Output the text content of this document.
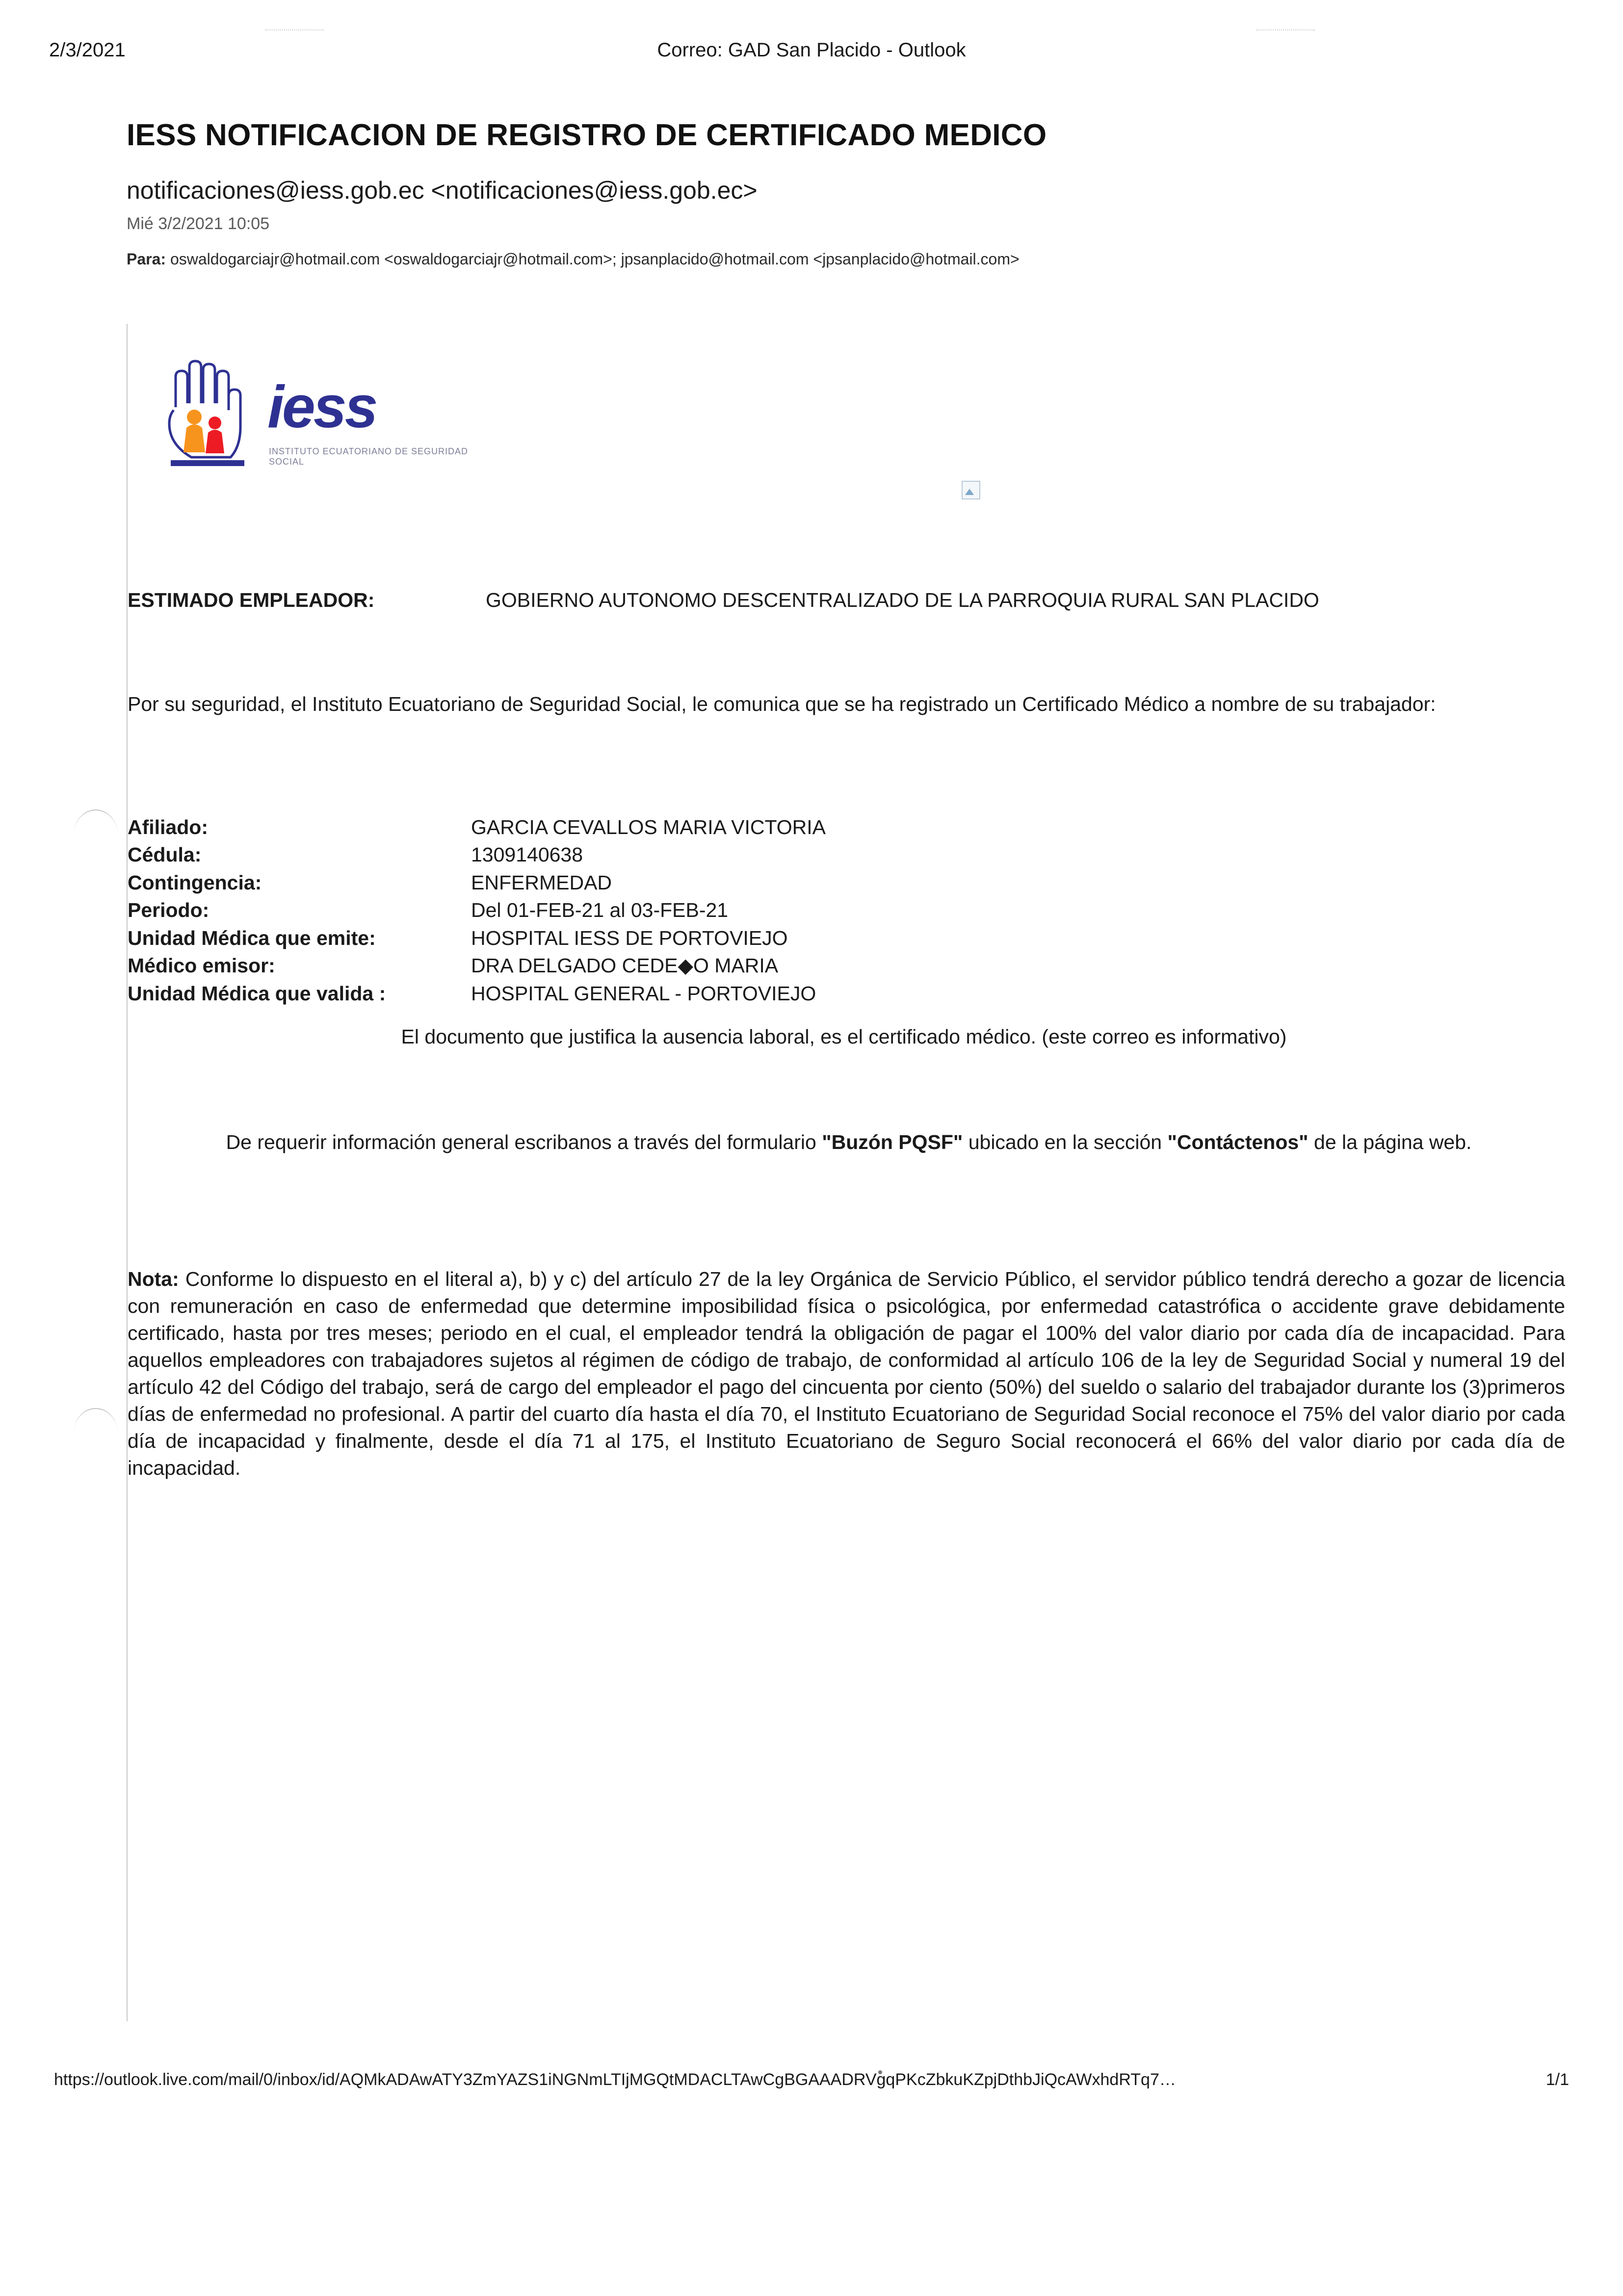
2/3/2021	Correo: GAD San Placido - Outlook
IESS NOTIFICACION DE REGISTRO DE CERTIFICADO MEDICO
notificaciones@iess.gob.ec <notificaciones@iess.gob.ec>
Mié 3/2/2021 10:05
Para: oswaldogarciajr@hotmail.com <oswaldogarciajr@hotmail.com>; jpsanplacido@hotmail.com <jpsanplacido@hotmail.com>
iess
INSTITUTO ECUATORIANO DE SEGURIDAD SOCIAL
ESTIMADO EMPLEADOR:	GOBIERNO AUTONOMO DESCENTRALIZADO DE LA PARROQUIA RURAL SAN PLACIDO
Por su seguridad, el Instituto Ecuatoriano de Seguridad Social, le comunica que se ha registrado un Certificado Médico a nombre de su trabajador:
Afiliado:	GARCIA CEVALLOS MARIA VICTORIA
Cédula:	1309140638
Contingencia:	ENFERMEDAD
Periodo:	Del 01-FEB-21 al 03-FEB-21
Unidad Médica que emite:	HOSPITAL IESS DE PORTOVIEJO
Médico emisor:	DRA DELGADO CEDE◆O MARIA
Unidad Médica que valida :	HOSPITAL GENERAL - PORTOVIEJO
El documento que justifica la ausencia laboral, es el certificado médico. (este correo es informativo)
De requerir información general escribanos a través del formulario "Buzón PQSF" ubicado en la sección "Contáctenos" de la página web.
Nota: Conforme lo dispuesto en el literal a), b) y c) del artículo 27 de la ley Orgánica de Servicio Público, el servidor público tendrá derecho a gozar de licencia con remuneración en caso de enfermedad que determine imposibilidad física o psicológica, por enfermedad catastrófica o accidente grave debidamente certificado, hasta por tres meses; periodo en el cual, el empleador tendrá la obligación de pagar el 100% del valor diario por cada día de incapacidad. Para aquellos empleadores con trabajadores sujetos al régimen de código de trabajo, de conformidad al artículo 106 de la ley de Seguridad Social y numeral 19 del artículo 42 del Código del trabajo, será de cargo del empleador el pago del cincuenta por ciento (50%) del sueldo o salario del trabajador durante los (3)primeros días de enfermedad no profesional. A partir del cuarto día hasta el día 70, el Instituto Ecuatoriano de Seguridad Social reconoce el 75% del valor diario por cada día de incapacidad y finalmente, desde el día 71 al 175, el Instituto Ecuatoriano de Seguro Social reconocerá el 66% del valor diario por cada día de incapacidad.
https://outlook.live.com/mail/0/inbox/id/AQMkADAwATY3ZmYAZS1iNGNmLTIjMGQtMDACLTAwCgBGAAADRVgqPKcZbkuKZpjDthbJiQcAWxhdRTq7…	1/1
